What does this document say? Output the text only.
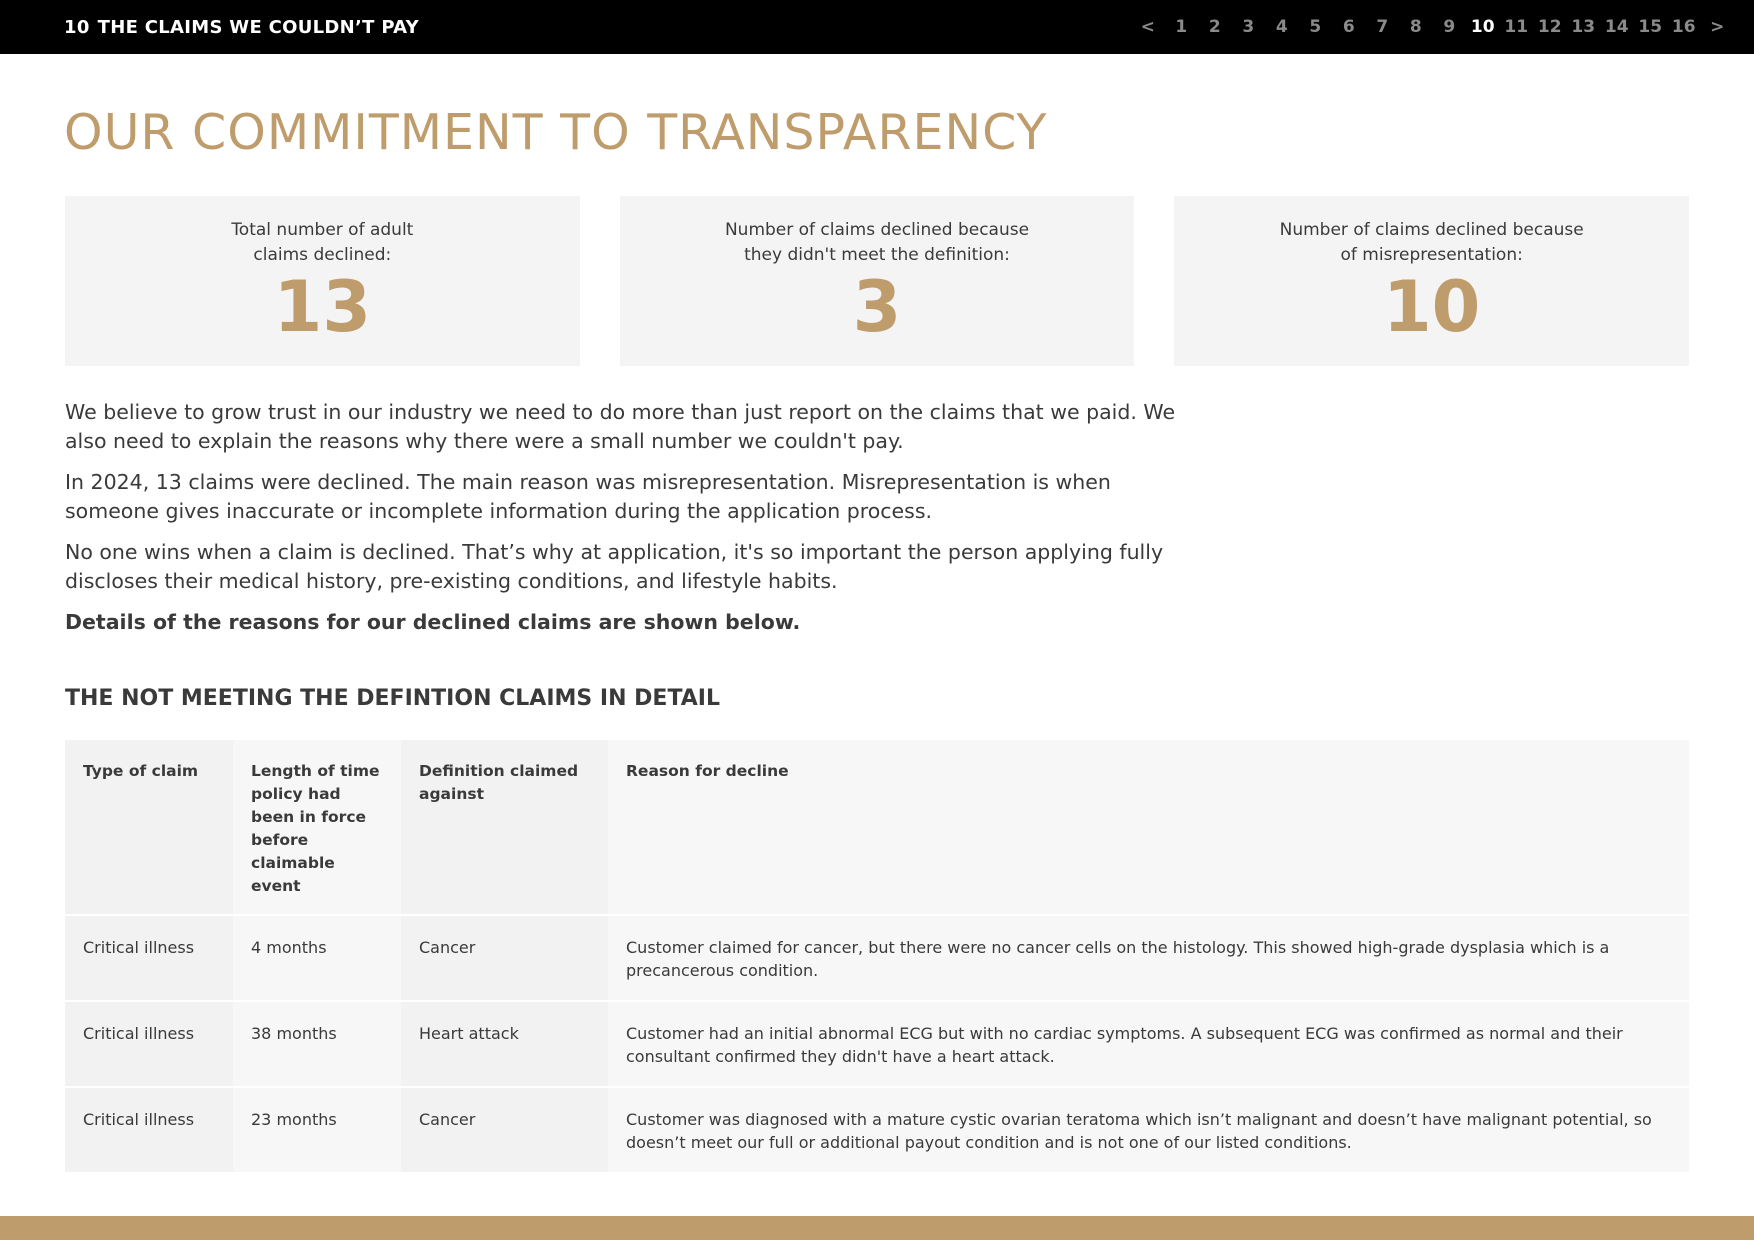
10 THE CLAIMS WE COULDN’T PAY	<	1	2	3	4	5	6	7	8	9 10 11 12 13 14 15 16 >
OUR COMMITMENT TO TRANSPARENCY
Total number of adult
claims declined:
13
Number of claims declined because
they didn't meet the definition:
3
Number of claims declined because
of misrepresentation:
10

We believe to grow trust in our industry we need to do more than just report on the claims that we paid. We also need to explain the reasons why there were a small number we couldn't pay.

In 2024, 13 claims were declined. The main reason was misrepresentation. Misrepresentation is when someone gives inaccurate or incomplete information during the application process.

No one wins when a claim is declined. That’s why at application, it's so important the person applying fully discloses their medical history, pre-existing conditions, and lifestyle habits.

Details of the reasons for our declined claims are shown below.

THE NOT MEETING THE DEFINTION CLAIMS IN DETAIL
Type of claim	Length of time policy had been in force before claimable event	Definition claimed against	Reason for decline
Critical illness	4 months	Cancer	Customer claimed for cancer, but there were no cancer cells on the histology. This showed high-grade dysplasia which is a precancerous condition.
Critical illness	38 months	Heart attack	Customer had an initial abnormal ECG but with no cardiac symptoms. A subsequent ECG was confirmed as normal and their consultant confirmed they didn't have a heart attack.
Critical illness	23 months	Cancer	Customer was diagnosed with a mature cystic ovarian teratoma which isn’t malignant and doesn’t have malignant potential, so doesn’t meet our full or additional payout condition and is not one of our listed conditions.
